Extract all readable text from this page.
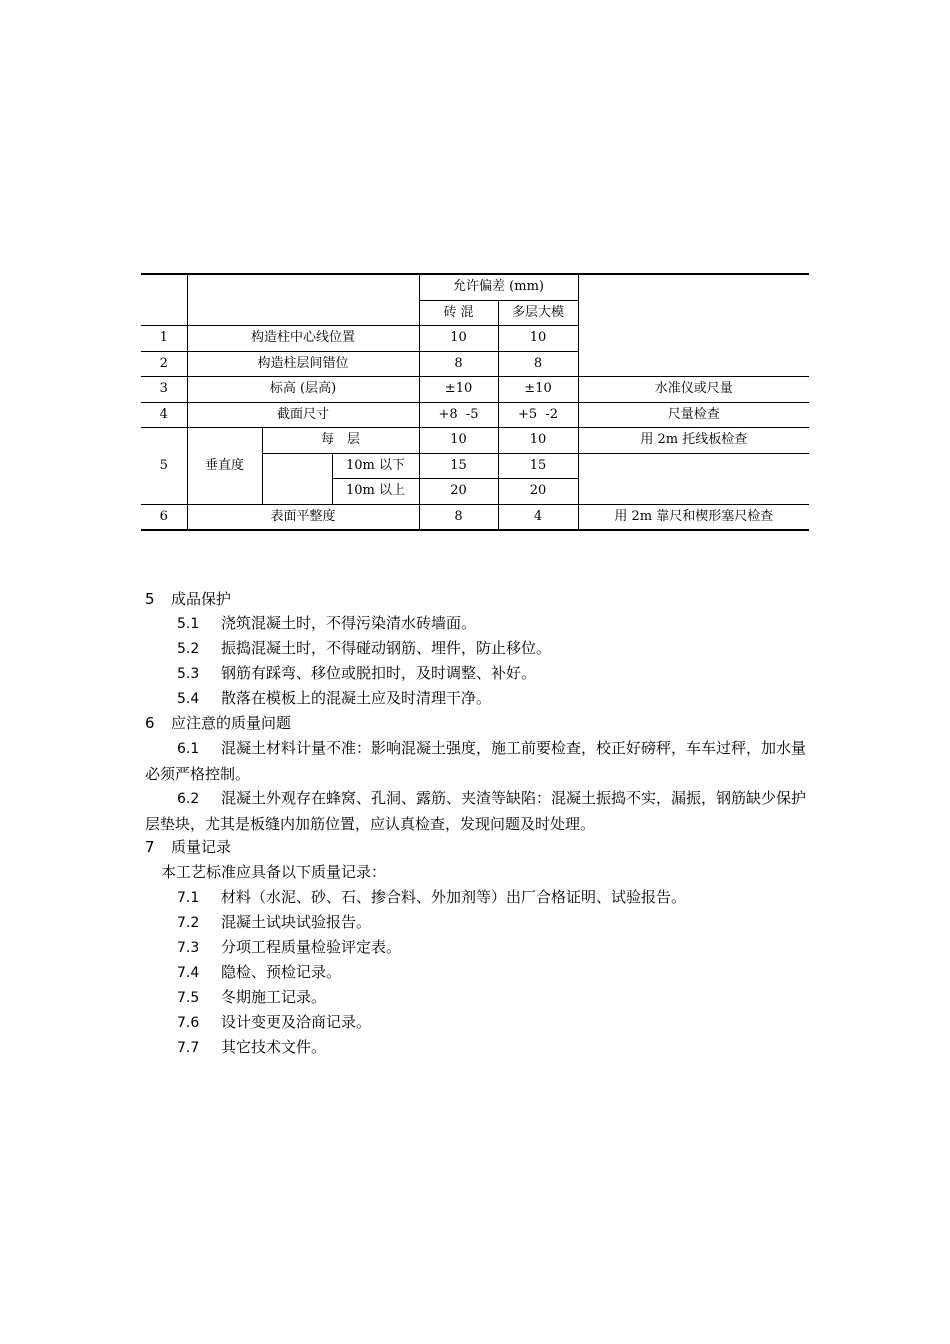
				允许偏差 (mm)		
				砖 混	多层大模	
1	构造柱中心线位置			10	10	
2	构造柱层间错位			8	8	
3	标高 (层高)			±10	±10	水准仪或尺量
4	截面尺寸			+8  -5	+5  -2	尺量检查
5	垂直度	每　层		10	10	用 2m 托线板检查
			10m 以下	15	15	
			10m 以上	20	20	
6	表面平整度			8	4	用 2m 靠尺和楔形塞尺检查
5 成品保护
5.1 浇筑混凝土时，不得污染清水砖墙面。
5.2 振捣混凝土时，不得碰动钢筋、埋件，防止移位。
5.3 钢筋有踩弯、移位或脱扣时，及时调整、补好。
5.4 散落在模板上的混凝土应及时清理干净。
6 应注意的质量问题
6.1 混凝土材料计量不准：影响混凝土强度，施工前要检查，校正好磅秤，车车过秤，加水量必须严格控制。
6.2 混凝土外观存在蜂窝、孔洞、露筋、夹渣等缺陷：混凝土振捣不实，漏振，钢筋缺少保护层垫块，尤其是板缝内加筋位置，应认真检查，发现问题及时处理。
7 质量记录
本工艺标准应具备以下质量记录：
7.1 材料（水泥、砂、石、掺合料、外加剂等）出厂合格证明、试验报告。
7.2 混凝土试块试验报告。
7.3 分项工程质量检验评定表。
7.4 隐检、预检记录。
7.5 冬期施工记录。
7.6 设计变更及洽商记录。
7.7 其它技术文件。
